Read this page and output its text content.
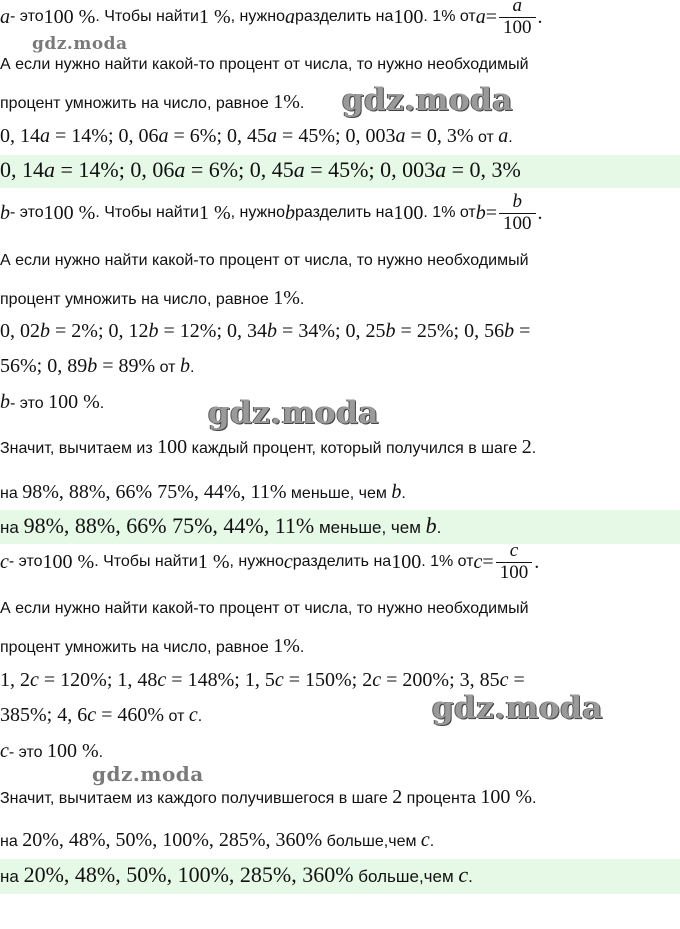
a - это 100 % . Чтобы найти 1 % , нужно a разделить на 100 . 1% от $a = \frac{a}{100}$ .
А если нужно найти какой-то процент от числа, то нужно необходимый
процент умножить на число, равное 1%.
0, 14a = 14%; 0, 06a = 6%; 0, 45a = 45%; 0, 003a = 0, 3% от a.
0, 14a = 14%; 0, 06a = 6%; 0, 45a = 45%; 0, 003a = 0, 3%
b - это 100 % . Чтобы найти 1 % , нужно b разделить на 100 . 1% от $b = \frac{b}{100}$ .
А если нужно найти какой-то процент от числа, то нужно необходимый
процент умножить на число, равное 1%.
0, 02b = 2%; 0, 12b = 12%; 0, 34b = 34%; 0, 25b = 25%; 0, 56b =
56%; 0, 89b = 89% от b.
b- это 100 %.
Значит, вычитаем из 100 каждый процент, который получился в шаге 2.
на 98%, 88%, 66% 75%, 44%, 11% меньше, чем b.
на 98%, 88%, 66% 75%, 44%, 11% меньше, чем b.
c - это 100 % . Чтобы найти 1 % , нужно c разделить на 100 . 1% от $c = \frac{c}{100}$ .
А если нужно найти какой-то процент от числа, то нужно необходимый
процент умножить на число, равное 1%.
1, 2c = 120%; 1, 48c = 148%; 1, 5c = 150%; 2c = 200%; 3, 85c =
385%; 4, 6c = 460% от c.
c- это 100 %.
Значит, вычитаем из каждого получившегося в шаге 2 процента 100 %.
на 20%, 48%, 50%, 100%, 285%, 360% больше,чем c.
на 20%, 48%, 50%, 100%, 285%, 360% больше,чем c.
gdz.moda
gdz.moda
gdz.moda
gdz.moda
gdz.moda
